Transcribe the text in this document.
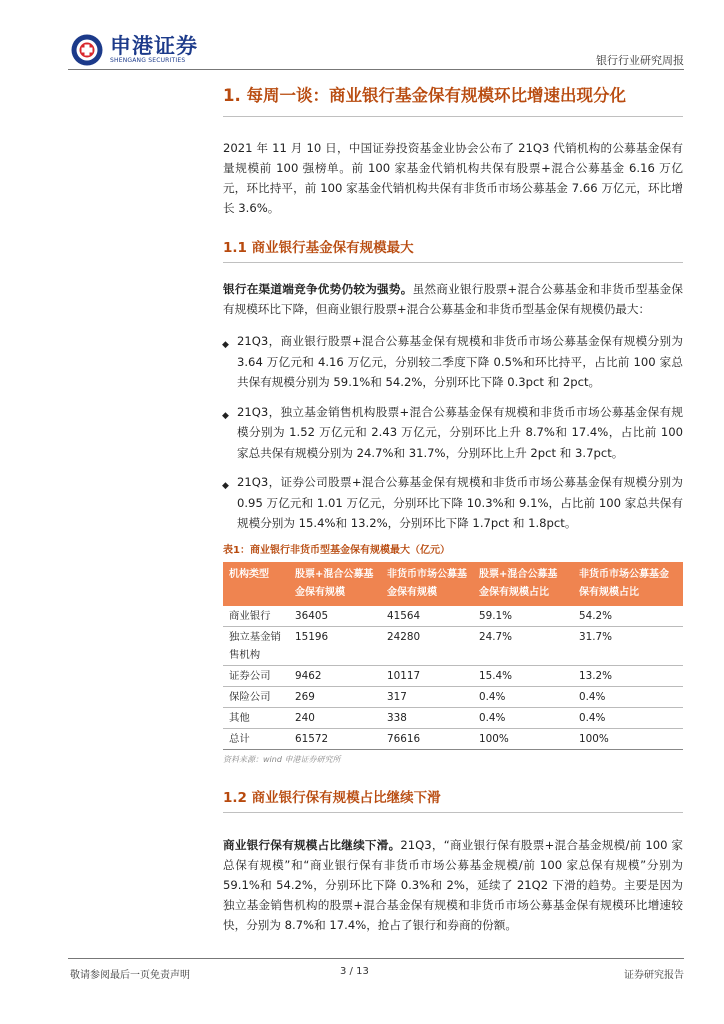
申港证券
SHENGANG SECURITIES	银行行业研究周报
1. 每周一谈：商业银行基金保有规模环比增速出现分化

2021 年 11 月 10 日，中国证券投资基金业协会公布了 21Q3 代销机构的公募基金保有量规模前 100 强榜单。前 100 家基金代销机构共保有股票+混合公募基金 6.16 万亿元，环比持平，前 100 家基金代销机构共保有非货币市场公募基金 7.66 万亿元，环比增长 3.6%。

1.1 商业银行基金保有规模最大

银行在渠道端竞争优势仍较为强势。虽然商业银行股票+混合公募基金和非货币型基金保有规模环比下降，但商业银行股票+混合公募基金和非货币型基金保有规模仍最大：

◆ 21Q3，商业银行股票+混合公募基金保有规模和非货币市场公募基金保有规模分别为 3.64 万亿元和 4.16 万亿元，分别较二季度下降 0.5%和环比持平，占比前 100 家总共保有规模分别为 59.1%和 54.2%，分别环比下降 0.3pct 和 2pct。
◆ 21Q3，独立基金销售机构股票+混合公募基金保有规模和非货币市场公募基金保有规模分别为 1.52 万亿元和 2.43 万亿元，分别环比上升 8.7%和 17.4%，占比前 100 家总共保有规模分别为 24.7%和 31.7%，分别环比上升 2pct 和 3.7pct。
◆ 21Q3，证券公司股票+混合公募基金保有规模和非货币市场公募基金保有规模分别为 0.95 万亿元和 1.01 万亿元，分别环比下降 10.3%和 9.1%，占比前 100 家总共保有规模分别为 15.4%和 13.2%，分别环比下降 1.7pct 和 1.8pct。
表1：商业银行非货币型基金保有规模最大（亿元）
机构类型	股票+混合公募基金保有规模	非货币市场公募基金保有规模	股票+混合公募基金保有规模占比	非货币市场公募基金保有规模占比
商业银行	36405	41564	59.1%	54.2%
独立基金销售机构	15196	24280	24.7%	31.7%
证券公司	9462	10117	15.4%	13.2%
保险公司	269	317	0.4%	0.4%
其他	240	338	0.4%	0.4%
总计	61572	76616	100%	100%
资料来源：wind 申港证券研究所
1.2 商业银行保有规模占比继续下滑

商业银行保有规模占比继续下滑。21Q3，“商业银行保有股票+混合基金规模/前 100 家总保有规模”和“商业银行保有非货币市场公募基金规模/前 100 家总保有规模”分别为 59.1%和 54.2%，分别环比下降 0.3%和 2%，延续了 21Q2 下滑的趋势。主要是因为独立基金销售机构的股票+混合基金保有规模和非货币市场公募基金保有规模环比增速较快，分别为 8.7%和 17.4%，抢占了银行和券商的份额。

敬请参阅最后一页免责声明	3 / 13	证券研究报告
